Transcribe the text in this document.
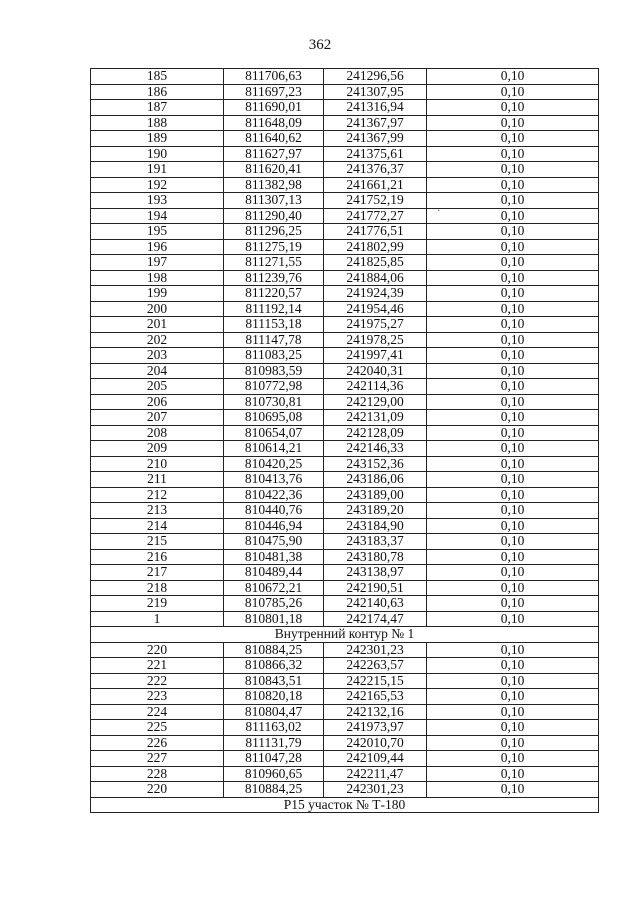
362
185	811706,63	241296,56	0,10
186	811697,23	241307,95	0,10
187	811690,01	241316,94	0,10
188	811648,09	241367,97	0,10
189	811640,62	241367,99	0,10
190	811627,97	241375,61	0,10
191	811620,41	241376,37	0,10
192	811382,98	241661,21	0,10
193	811307,13	241752,19	0,10
194	811290,40	241772,27	0,10
195	811296,25	241776,51	0,10
196	811275,19	241802,99	0,10
197	811271,55	241825,85	0,10
198	811239,76	241884,06	0,10
199	811220,57	241924,39	0,10
200	811192,14	241954,46	0,10
201	811153,18	241975,27	0,10
202	811147,78	241978,25	0,10
203	811083,25	241997,41	0,10
204	810983,59	242040,31	0,10
205	810772,98	242114,36	0,10
206	810730,81	242129,00	0,10
207	810695,08	242131,09	0,10
208	810654,07	242128,09	0,10
209	810614,21	242146,33	0,10
210	810420,25	243152,36	0,10
211	810413,76	243186,06	0,10
212	810422,36	243189,00	0,10
213	810440,76	243189,20	0,10
214	810446,94	243184,90	0,10
215	810475,90	243183,37	0,10
216	810481,38	243180,78	0,10
217	810489,44	243138,97	0,10
218	810672,21	242190,51	0,10
219	810785,26	242140,63	0,10
1	810801,18	242174,47	0,10
Внутренний контур № 1			
220	810884,25	242301,23	0,10
221	810866,32	242263,57	0,10
222	810843,51	242215,15	0,10
223	810820,18	242165,53	0,10
224	810804,47	242132,16	0,10
225	811163,02	241973,97	0,10
226	811131,79	242010,70	0,10
227	811047,28	242109,44	0,10
228	810960,65	242211,47	0,10
220	810884,25	242301,23	0,10
Р15 участок № Т-180			
·
